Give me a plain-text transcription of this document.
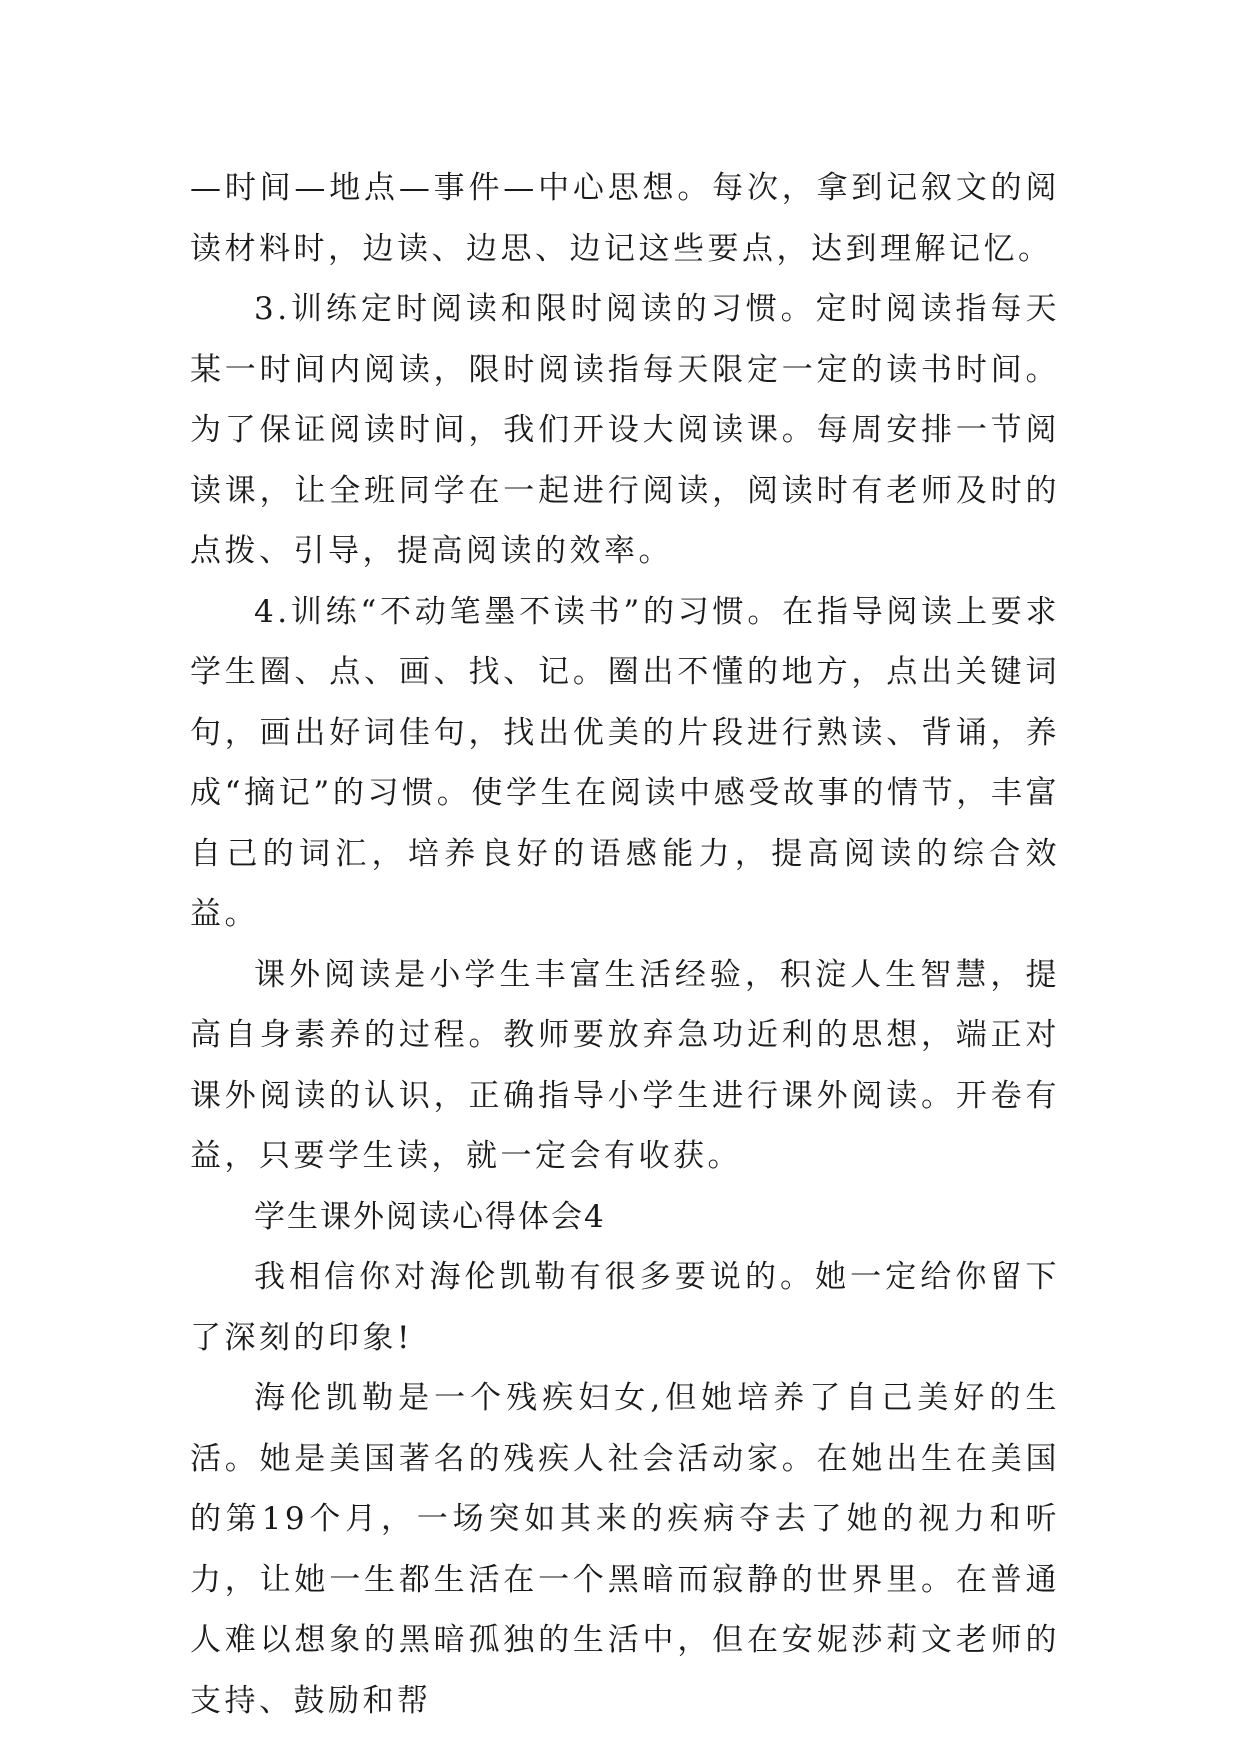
—时间—地点—事件—中心思想。每次，拿到记叙文的阅读材料时，边读、边思、边记这些要点，达到理解记忆。

3.训练定时阅读和限时阅读的习惯。定时阅读指每天某一时间内阅读，限时阅读指每天限定一定的读书时间。为了保证阅读时间，我们开设大阅读课。每周安排一节阅读课，让全班同学在一起进行阅读，阅读时有老师及时的点拨、引导，提高阅读的效率。

4.训练“不动笔墨不读书”的习惯。在指导阅读上要求学生圈、点、画、找、记。圈出不懂的地方，点出关键词句，画出好词佳句，找出优美的片段进行熟读、背诵，养成“摘记”的习惯。使学生在阅读中感受故事的情节，丰富自己的词汇，培养良好的语感能力，提高阅读的综合效益。

课外阅读是小学生丰富生活经验，积淀人生智慧，提高自身素养的过程。教师要放弃急功近利的思想，端正对课外阅读的认识，正确指导小学生进行课外阅读。开卷有益，只要学生读，就一定会有收获。

学生课外阅读心得体会4

我相信你对海伦凯勒有很多要说的。她一定给你留下了深刻的印象!

海伦凯勒是一个残疾妇女,但她培养了自己美好的生活。她是美国著名的残疾人社会活动家。在她出生在美国的第19个月，一场突如其来的疾病夺去了她的视力和听力，让她一生都生活在一个黑暗而寂静的世界里。在普通人难以想象的黑暗孤独的生活中，但在安妮莎莉文老师的支持、鼓励和帮
